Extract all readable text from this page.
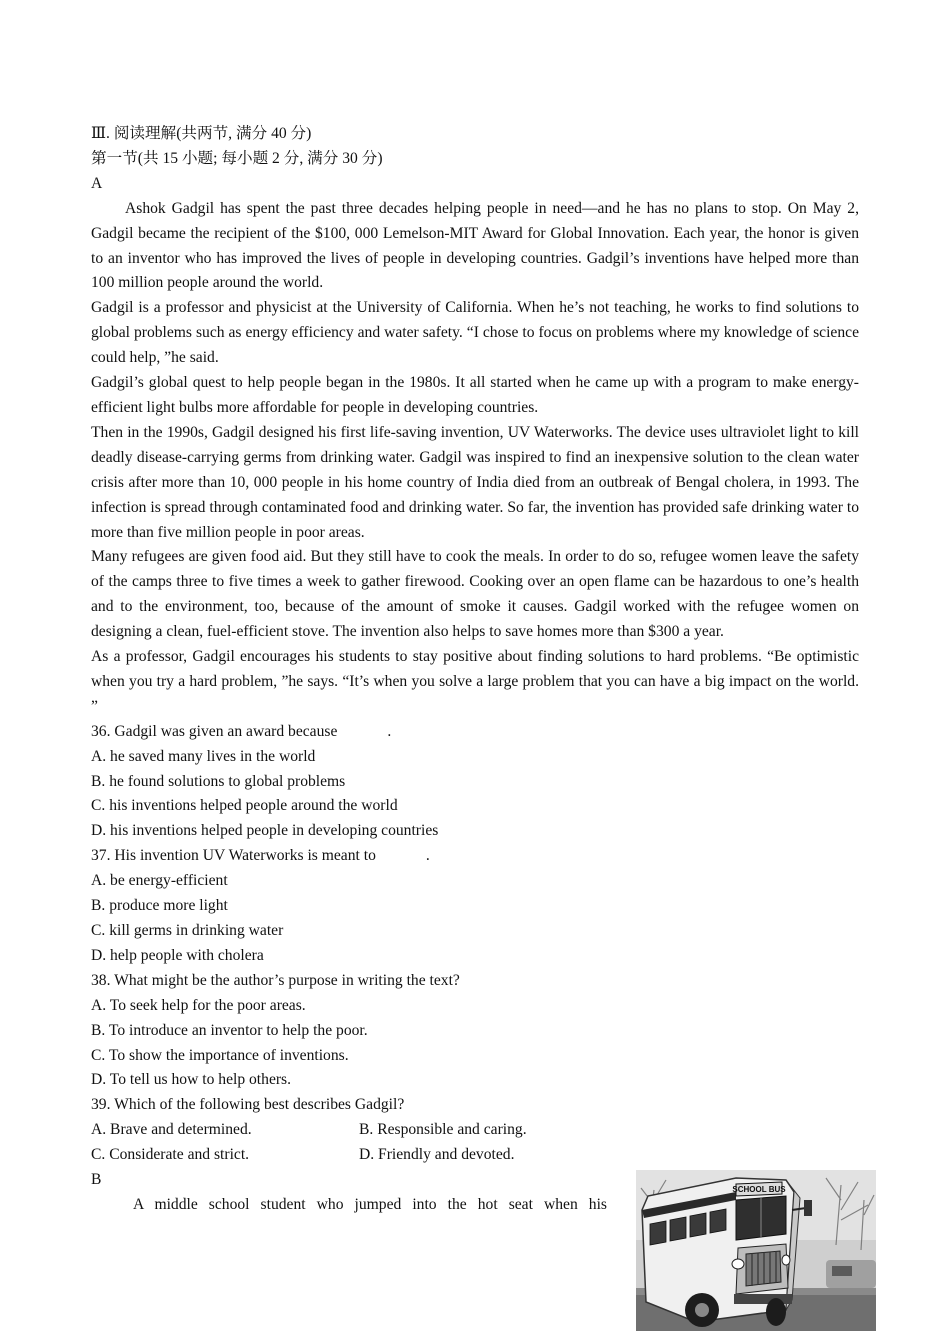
Ⅲ. 阅读理解(共两节, 满分 40 分)
第一节(共 15 小题; 每小题 2 分, 满分 30 分)
A

Ashok Gadgil has spent the past three decades helping people in need—and he has no plans to stop. On May 2, Gadgil became the recipient of the $100, 000 Lemelson-MIT Award for Global Innovation. Each year, the honor is given to an inventor who has improved the lives of people in developing countries. Gadgil’s inventions have helped more than 100 million people around the world.

Gadgil is a professor and physicist at the University of California. When he’s not teaching, he works to find solutions to global problems such as energy efficiency and water safety. “I chose to focus on problems where my knowledge of science could help, ”he said.

Gadgil’s global quest to help people began in the 1980s. It all started when he came up with a program to make energy-efficient light bulbs more affordable for people in developing countries.

Then in the 1990s, Gadgil designed his first life-saving invention, UV Waterworks. The device uses ultraviolet light to kill deadly disease-carrying germs from drinking water. Gadgil was inspired to find an inexpensive solution to the clean water crisis after more than 10, 000 people in his home country of India died from an outbreak of Bengal cholera, in 1993. The infection is spread through contaminated food and drinking water. So far, the invention has provided safe drinking water to more than five million people in poor areas.

Many refugees are given food aid. But they still have to cook the meals. In order to do so, refugee women leave the safety of the camps three to five times a week to gather firewood. Cooking over an open flame can be hazardous to one’s health and to the environment, too, because of the amount of smoke it causes. Gadgil worked with the refugee women on designing a clean, fuel-efficient stove. The invention also helps to save homes more than $300 a year.

As a professor, Gadgil encourages his students to stay positive about finding solutions to hard problems. “Be optimistic when you try a hard problem, ”he says. “It’s when you solve a large problem that you can have a big impact on the world. ”

36. Gadgil was given an award because	.
A. he saved many lives in the world
B. he found solutions to global problems
C. his inventions helped people around the world
D. his inventions helped people in developing countries
37. His invention UV Waterworks is meant to	.
A. be energy-efficient
B. produce more light
C. kill germs in drinking water
D. help people with cholera
38. What might be the author’s purpose in writing the text?
A. To seek help for the poor areas.
B. To introduce an inventor to help the poor.
C. To show the importance of inventions.
D. To tell us how to help others.
39. Which of the following best describes Gadgil?
A. Brave and determined.	B. Responsible and caring.
C. Considerate and strict.	D. Friendly and devoted.
B

A middle school student who jumped into the hot seat when his

SCHOOL BUS
